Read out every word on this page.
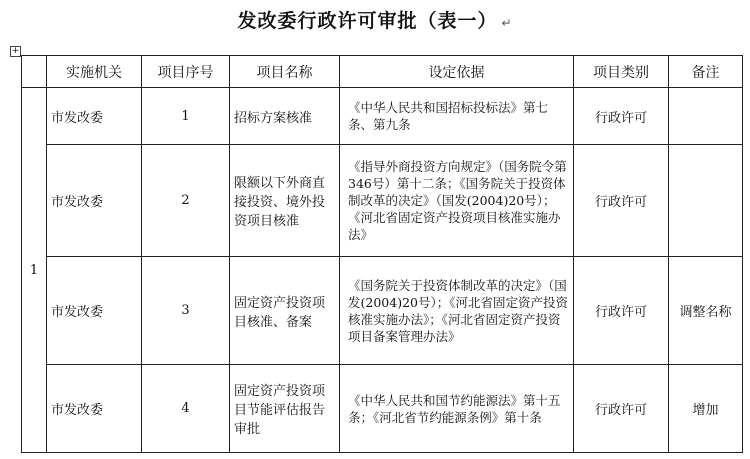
发改委行政许可审批（表一） ↵
+
	实施机关	项目序号	项目名称	设定依据	项目类别	备注
1	市发改委	1	招标方案核准	《中华人民共和国招标投标法》第七条、第九条	行政许可	
	市发改委	2	限额以下外商直接投资、境外投资项目核准	《指导外商投资方向规定》（国务院令第346号）第十二条；《国务院关于投资体制改革的决定》（国发(2004)20号）；《河北省固定资产投资项目核准实施办法》	行政许可	
	市发改委	3	固定资产投资项目核准、备案	《国务院关于投资体制改革的决定》（国发(2004)20号）；《河北省固定资产投资核准实施办法》；《河北省固定资产投资项目备案管理办法》	行政许可	调整名称
	市发改委	4	固定资产投资项目节能评估报告审批	《中华人民共和国节约能源法》第十五条；《河北省节约能源条例》第十条	行政许可	增加
